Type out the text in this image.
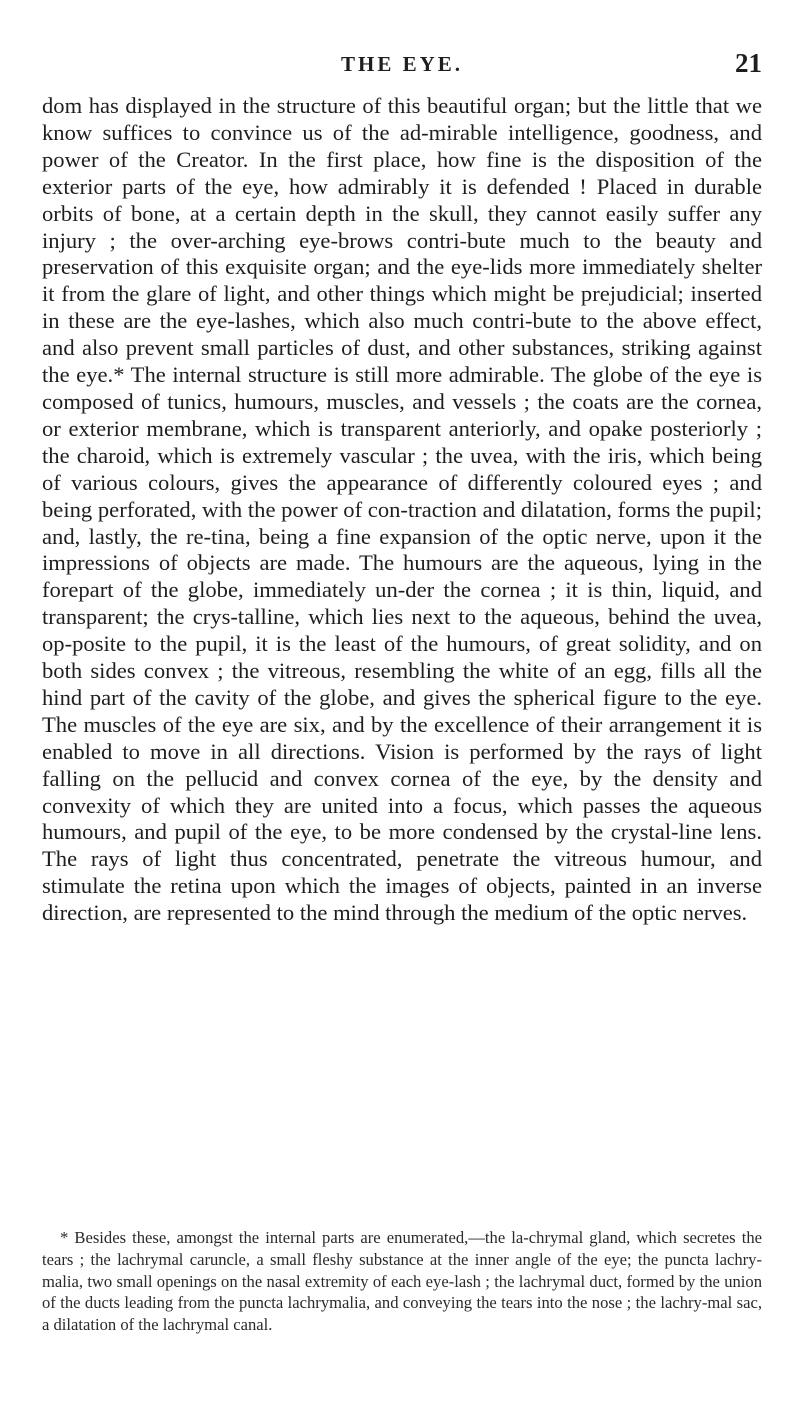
THE EYE.	21

dom has displayed in the structure of this beautiful organ; but the little that we know suffices to convince us of the ad-mirable intelligence, goodness, and power of the Creator. In the first place, how fine is the disposition of the exterior parts of the eye, how admirably it is defended ! Placed in durable orbits of bone, at a certain depth in the skull, they cannot easily suffer any injury ; the over-arching eye-brows contri-bute much to the beauty and preservation of this exquisite organ; and the eye-lids more immediately shelter it from the glare of light, and other things which might be prejudicial; inserted in these are the eye-lashes, which also much contri-bute to the above effect, and also prevent small particles of dust, and other substances, striking against the eye.* The internal structure is still more admirable. The globe of the eye is composed of tunics, humours, muscles, and vessels ; the coats are the cornea, or exterior membrane, which is transparent anteriorly, and opake posteriorly ; the charoid, which is extremely vascular ; the uvea, with the iris, which being of various colours, gives the appearance of differently coloured eyes ; and being perforated, with the power of con-traction and dilatation, forms the pupil; and, lastly, the re-tina, being a fine expansion of the optic nerve, upon it the impressions of objects are made. The humours are the aqueous, lying in the forepart of the globe, immediately un-der the cornea ; it is thin, liquid, and transparent; the crys-talline, which lies next to the aqueous, behind the uvea, op-posite to the pupil, it is the least of the humours, of great solidity, and on both sides convex ; the vitreous, resembling the white of an egg, fills all the hind part of the cavity of the globe, and gives the spherical figure to the eye. The muscles of the eye are six, and by the excellence of their arrangement it is enabled to move in all directions. Vision is performed by the rays of light falling on the pellucid and convex cornea of the eye, by the density and convexity of which they are united into a focus, which passes the aqueous humours, and pupil of the eye, to be more condensed by the crystal-line lens. The rays of light thus concentrated, penetrate the vitreous humour, and stimulate the retina upon which the images of objects, painted in an inverse direction, are represented to the mind through the medium of the optic nerves.

* Besides these, amongst the internal parts are enumerated,—the la-chrymal gland, which secretes the tears ; the lachrymal caruncle, a small fleshy substance at the inner angle of the eye; the puncta lachry-malia, two small openings on the nasal extremity of each eye-lash ; the lachrymal duct, formed by the union of the ducts leading from the puncta lachrymalia, and conveying the tears into the nose ; the lachry-mal sac, a dilatation of the lachrymal canal.
